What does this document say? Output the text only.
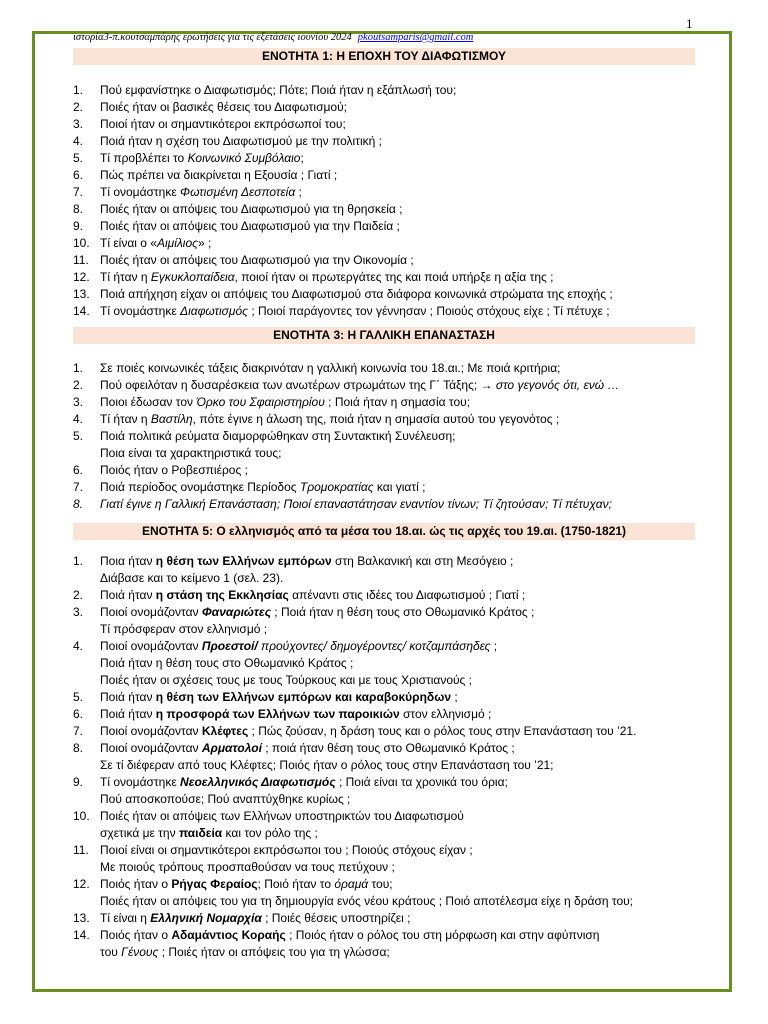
1
ιστορία3-π.κουτσαμπάρης ερωτήσεις για τις εξετάσεις ιουνίου 2024 pkoutsamparis@gmail.com
ΕΝΟΤΗΤΑ 1: Η ΕΠΟΧΗ ΤΟΥ ΔΙΑΦΩΤΙΣΜΟΥ
1.	Πού εμφανίστηκε ο Διαφωτισμός; Πότε; Ποιά ήταν η εξάπλωσή του;
2.	Ποιές ήταν οι βασικές θέσεις του Διαφωτισμού;
3.	Ποιοί ήταν οι σημαντικότεροι εκπρόσωποί του;
4.	Ποιά ήταν η σχέση του Διαφωτισμού με την πολιτική ;
5.	Τί προβλέπει το Κοινωνικό Συμβόλαιο;
6.	Πώς πρέπει να διακρίνεται η Εξουσία ; Γιατί ;
7.	Τί ονομάστηκε Φωτισμένη Δεσποτεία ;
8.	Ποιές ήταν οι απόψεις του Διαφωτισμού για τη θρησκεία ;
9.	Ποιές ήταν οι απόψεις του Διαφωτισμού για την Παιδεία ;
10. Τί είναι ο «Αιμίλιος» ;
11. Ποιές ήταν οι απόψεις του Διαφωτισμού για την Οικονομία ;
12. Τί ήταν η Εγκυκλοπαίδεια, ποιοί ήταν οι πρωτεργάτες της και ποιά υπήρξε η αξία της ;
13. Ποιά απήχηση είχαν οι απόψεις του Διαφωτισμού στα διάφορα κοινωνικά στρώματα της εποχής ;
14. Τί ονομάστηκε Διαφωτισμός ; Ποιοί παράγοντες τον γέννησαν ; Ποιούς στόχους είχε ; Τί πέτυχε ;
ΕΝΟΤΗΤΑ 3: Η ΓΑΛΛΙΚΗ ΕΠΑΝΑΣΤΑΣΗ
1.	Σε ποιές κοινωνικές τάξεις διακρινόταν η γαλλική κοινωνία του 18.αι.; Με ποιά κριτήρια;
2.	Πού οφειλόταν η δυσαρέσκεια των ανωτέρων στρωμάτων της Γ΄ Τάξης; → στο γεγονός ότι, ενώ …
3.	Ποιοι έδωσαν τον Όρκο του Σφαιριστηρίου ; Ποιά ήταν η σημασία του;
4.	Τί ήταν η Βαστίλη, πότε έγινε η άλωση της, ποιά ήταν η σημασία αυτού του γεγονότος ;
5.	Ποιά πολιτικά ρεύματα διαμορφώθηκαν στη Συντακτική Συνέλευση;
Ποια είναι τα χαρακτηριστικά τους;
6.	Ποιός ήταν ο Ροβεσπιέρος ;
7.	Ποιά περίοδος ονομάστηκε Περίοδος Τρομοκρατίας και γιατί ;
8.	Γιατί έγινε η Γαλλική Επανάσταση; Ποιοί επαναστάτησαν εναντίον τίνων; Τί ζητούσαν; Τί πέτυχαν;
ΕΝΟΤΗΤΑ 5: Ο ελληνισμός από τα μέσα του 18.αι. ώς τις αρχές του 19.αι. (1750-1821)
1.	Ποια ήταν η θέση των Ελλήνων εμπόρων στη Βαλκανική και στη Μεσόγειο ;
Διάβασε και το κείμενο 1 (σελ. 23).
2.	Ποιά ήταν η στάση της Εκκλησίας απέναντι στις ιδέες του Διαφωτισμού ; Γιατί ;
3.	Ποιοί ονομάζονταν Φαναριώτες ; Ποιά ήταν η θέση τους στο Οθωμανικό Κράτος ;
Τί πρόσφεραν στον ελληνισμό ;
4.	Ποιοί ονομάζονταν Προεστοί/ προύχοντες/ δημογέροντες/ κοτζαμπάσηδες ;
Ποιά ήταν η θέση τους στο Οθωμανικό Κράτος ;
Ποιές ήταν οι σχέσεις τους με τους Τούρκους και με τους Χριστιανούς ;
5.	Ποιά ήταν η θέση των Ελλήνων εμπόρων και καραβοκύρηδων ;
6.	Ποιά ήταν η προσφορά των Ελλήνων των παροικιών στον ελληνισμό ;
7.	Ποιοί ονομάζονταν Κλέφτες ; Πώς ζούσαν, η δράση τους και ο ρόλος τους στην Επανάσταση του ’21.
8.	Ποιοί ονομάζονταν Αρματολοί ; ποιά ήταν θέση τους στο Οθωμανικό Κράτος ;
Σε τί διέφεραν από τους Κλέφτες; Ποιός ήταν ο ρόλος τους στην Επανάσταση του ’21;
9.	Τί ονομάστηκε Νεοελληνικός Διαφωτισμός ; Ποιά είναι τα χρονικά του όρια;
Πού αποσκοπούσε; Πού αναπτύχθηκε κυρίως ;
10. Ποιές ήταν οι απόψεις των Ελλήνων υποστηρικτών του Διαφωτισμού
σχετικά με την παιδεία και τον ρόλο της ;
11. Ποιοί είναι οι σημαντικότεροι εκπρόσωποι του ; Ποιούς στόχους είχαν ;
Με ποιούς τρόπους προσπαθούσαν να τους πετύχουν ;
12. Ποιός ήταν ο Ρήγας Φεραίος; Ποιό ήταν το όραμά του;
Ποιές ήταν οι απόψεις του για τη δημιουργία ενός νέου κράτους ; Ποιό αποτέλεσμα είχε η δράση του;
13. Τί είναι η Ελληνική Νομαρχία ; Ποιές θέσεις υποστηρίζει ;
14. Ποιός ήταν ο Αδαμάντιος Κοραής ; Ποιός ήταν ο ρόλος του στη μόρφωση και στην αφύπνιση
του Γένους ; Ποιές ήταν οι απόψεις του για τη γλώσσα;
